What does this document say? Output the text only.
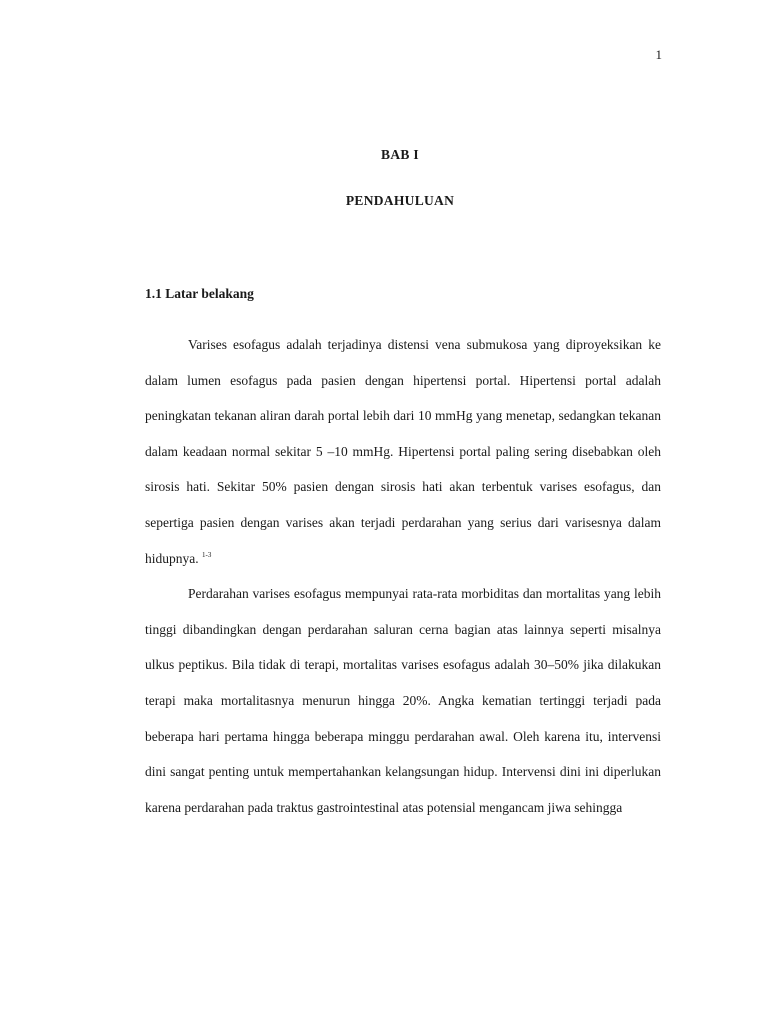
1
BAB I
PENDAHULUAN
1.1 Latar belakang

Varises esofagus adalah terjadinya distensi vena submukosa yang diproyeksikan ke dalam lumen esofagus pada pasien dengan hipertensi portal. Hipertensi portal adalah peningkatan tekanan aliran darah portal lebih dari 10 mmHg yang menetap, sedangkan tekanan dalam keadaan normal sekitar 5 –10 mmHg. Hipertensi portal paling sering disebabkan oleh sirosis hati. Sekitar 50% pasien dengan sirosis hati akan terbentuk varises esofagus, dan sepertiga pasien dengan varises akan terjadi perdarahan yang serius dari varisesnya dalam hidupnya. $^{1-3}$

Perdarahan varises esofagus mempunyai rata-rata morbiditas dan mortalitas yang lebih tinggi dibandingkan dengan perdarahan saluran cerna bagian atas lainnya seperti misalnya ulkus peptikus. Bila tidak di terapi, mortalitas varises esofagus adalah 30–50% jika dilakukan terapi maka mortalitasnya menurun hingga 20%. Angka kematian tertinggi terjadi pada beberapa hari pertama hingga beberapa minggu perdarahan awal. Oleh karena itu, intervensi dini sangat penting untuk mempertahankan kelangsungan hidup. Intervensi dini ini diperlukan karena perdarahan pada traktus gastrointestinal atas potensial mengancam jiwa sehingga
